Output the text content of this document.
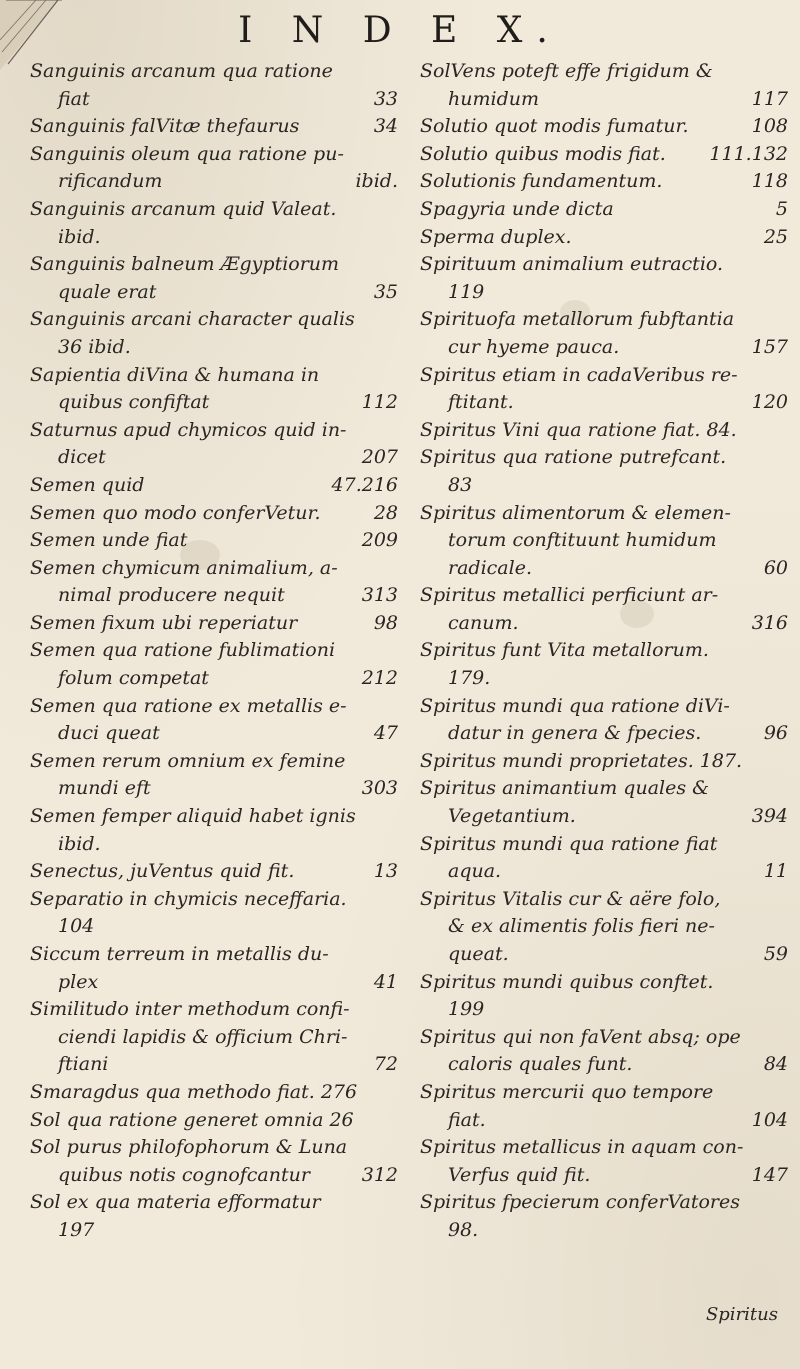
I N D E X.

Sanguinis arcanum qua ratione
fiat	33

Sanguinis falVitæ thefaurus	34

Sanguinis oleum qua ratione pu-
rificandum	ibid.

Sanguinis arcanum quid Valeat.
ibid.

Sanguinis balneum Ægyptiorum
quale erat	35

Sanguinis arcani character qualis
36 ibid.

Sapientia diVina & humana in
quibus confiftat	112

Saturnus apud chymicos quid in-
dicet	207

Semen quid	47.216

Semen quo modo conferVetur.	28

Semen unde fiat	209

Semen chymicum animalium, a-
nimal producere nequit	313

Semen fixum ubi reperiatur	98

Semen qua ratione fublimationi
folum competat	212

Semen qua ratione ex metallis e-
duci queat	47

Semen rerum omnium ex femine
mundi eft	303

Semen femper aliquid habet ignis
ibid.

Senectus, juVentus quid fit.	13

Separatio in chymicis neceffaria.
104

Siccum terreum in metallis du-
plex	41

Similitudo inter methodum confi-
ciendi lapidis & officium Chri-
ftiani	72

Smaragdus qua methodo fiat. 276

Sol qua ratione generet omnia 26

Sol purus philofophorum & Luna
quibus notis cognofcantur	312

Sol ex qua materia efformatur
197

SolVens poteft effe frigidum &
humidum	117

Solutio quot modis fumatur.	108

Solutio quibus modis fiat.	111.132

Solutionis fundamentum.	118

Spagyria unde dicta	5

Sperma duplex.	25

Spirituum animalium eutractio.
119

Spirituofa metallorum fubftantia
cur hyeme pauca.	157

Spiritus etiam in cadaVeribus re-
ftitant.	120

Spiritus Vini qua ratione fiat. 84.

Spiritus qua ratione putrefcant.
83

Spiritus alimentorum & elemen-
torum conftituunt humidum
radicale.	60

Spiritus metallici perficiunt ar-
canum.	316

Spiritus funt Vita metallorum.
179.

Spiritus mundi qua ratione diVi-
datur in genera & fpecies.	96

Spiritus mundi proprietates. 187.

Spiritus animantium quales &
Vegetantium.	394

Spiritus mundi qua ratione fiat
aqua.	11

Spiritus Vitalis cur & aëre folo,
& ex alimentis folis fieri ne-
queat.	59

Spiritus mundi quibus conftet.
199

Spiritus qui non faVent absq; ope
caloris quales funt.	84

Spiritus mercurii quo tempore
fiat.	104

Spiritus metallicus in aquam con-
Verfus quid fit.	147

Spiritus fpecierum conferVatores
98.

Spiritus
